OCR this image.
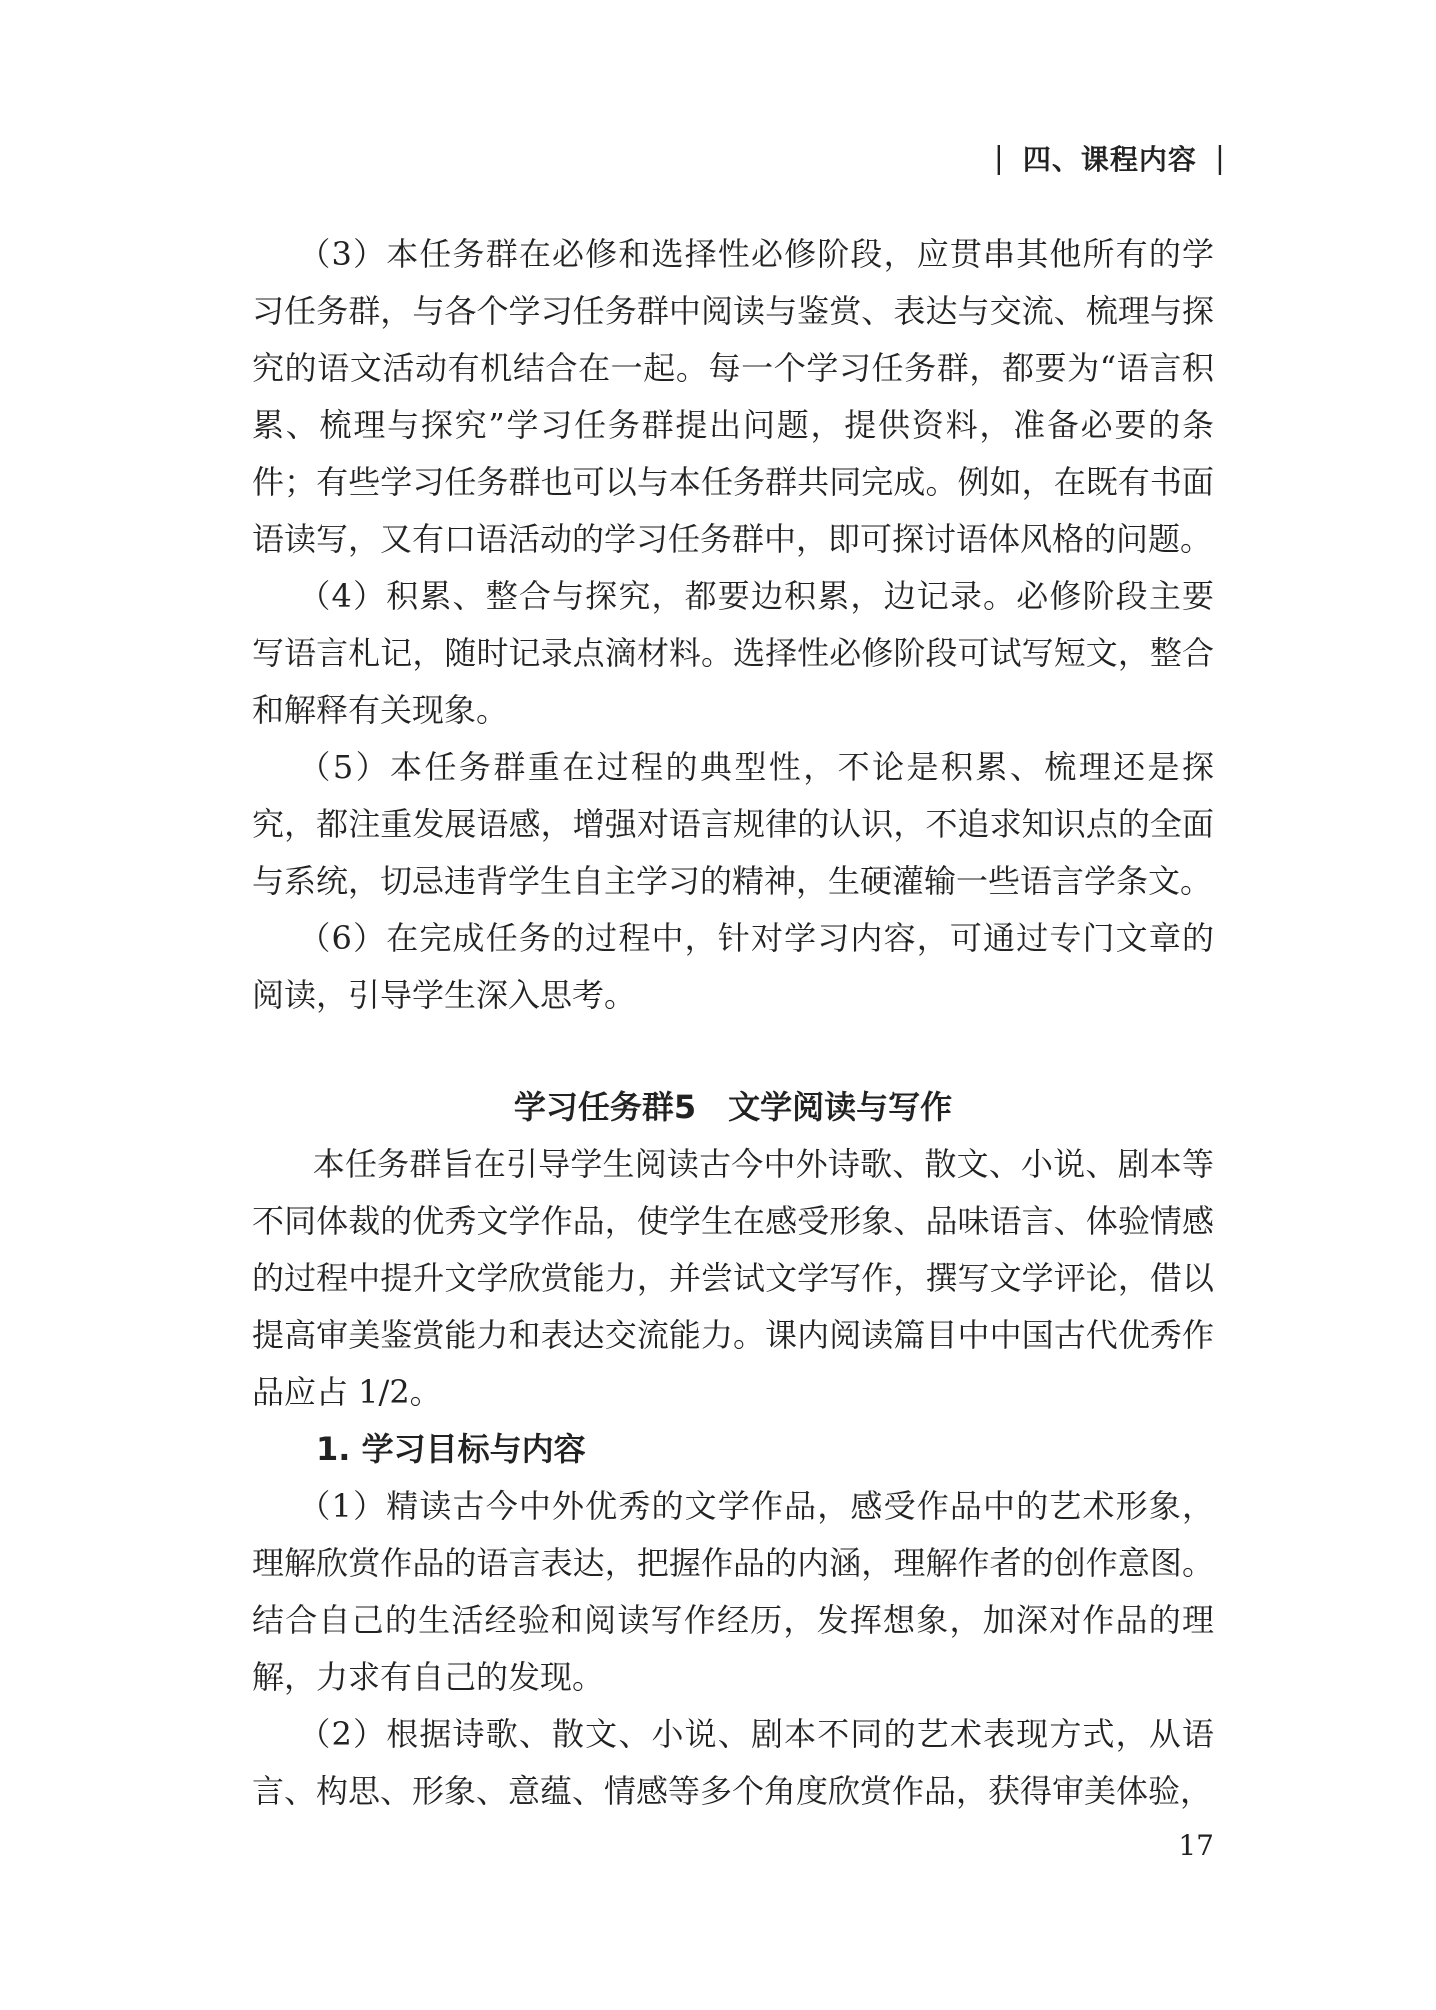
| 四、课程内容 |

（3）本任务群在必修和选择性必修阶段，应贯串其他所有的学习任务群，与各个学习任务群中阅读与鉴赏、表达与交流、梳理与探究的语文活动有机结合在一起。每一个学习任务群，都要为“语言积累、梳理与探究”学习任务群提出问题，提供资料，准备必要的条件；有些学习任务群也可以与本任务群共同完成。例如，在既有书面语读写，又有口语活动的学习任务群中，即可探讨语体风格的问题。

（4）积累、整合与探究，都要边积累，边记录。必修阶段主要写语言札记，随时记录点滴材料。选择性必修阶段可试写短文，整合和解释有关现象。

（5）本任务群重在过程的典型性，不论是积累、梳理还是探究，都注重发展语感，增强对语言规律的认识，不追求知识点的全面与系统，切忌违背学生自主学习的精神，生硬灌输一些语言学条文。

（6）在完成任务的过程中，针对学习内容，可通过专门文章的阅读，引导学生深入思考。

学习任务群5　文学阅读与写作

本任务群旨在引导学生阅读古今中外诗歌、散文、小说、剧本等不同体裁的优秀文学作品，使学生在感受形象、品味语言、体验情感的过程中提升文学欣赏能力，并尝试文学写作，撰写文学评论，借以提高审美鉴赏能力和表达交流能力。课内阅读篇目中中国古代优秀作品应占 1/2。

1. 学习目标与内容

（1）精读古今中外优秀的文学作品，感受作品中的艺术形象，理解欣赏作品的语言表达，把握作品的内涵，理解作者的创作意图。结合自己的生活经验和阅读写作经历，发挥想象，加深对作品的理解，力求有自己的发现。

（2）根据诗歌、散文、小说、剧本不同的艺术表现方式，从语言、构思、形象、意蕴、情感等多个角度欣赏作品，获得审美体验，

17
